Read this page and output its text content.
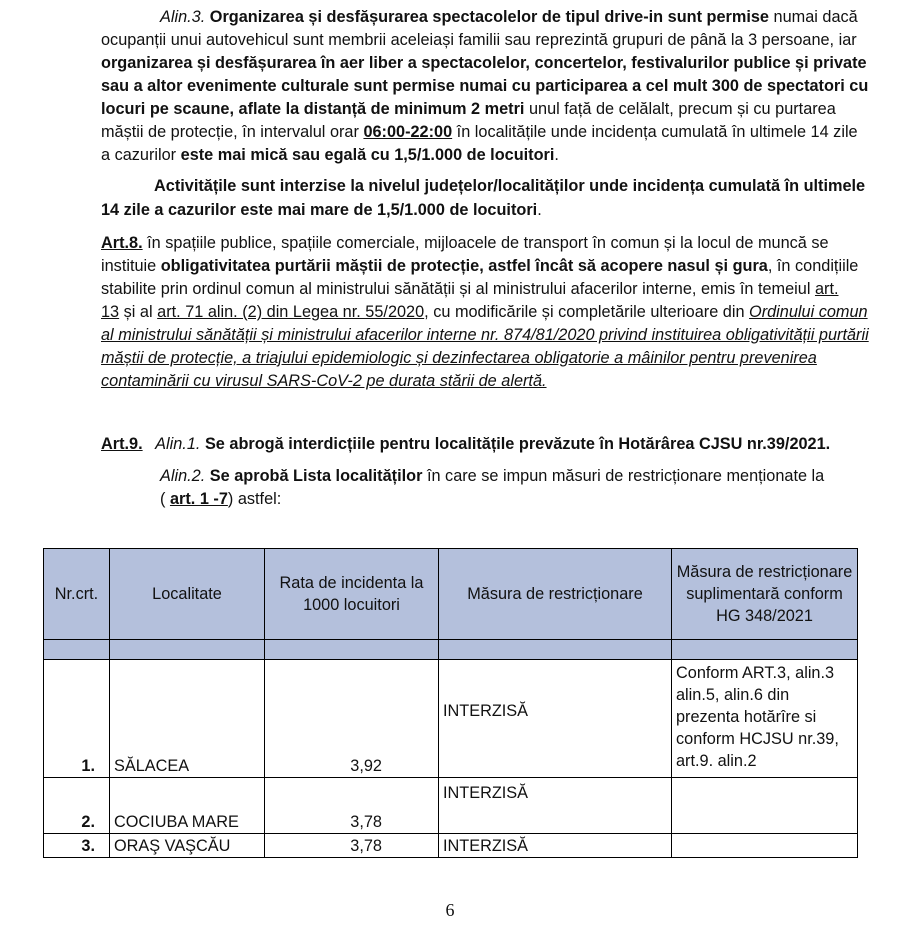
Alin.3. Organizarea și desfășurarea spectacolelor de tipul drive-in sunt permise numai dacă
ocupanții unui autovehicul sunt membrii aceleiași familii sau reprezintă grupuri de până la 3 persoane, iar
organizarea și desfășurarea în aer liber a spectacolelor, concertelor, festivalurilor publice și private
sau a altor evenimente culturale sunt permise numai cu participarea a cel mult 300 de spectatori cu
locuri pe scaune, aflate la distanță de minimum 2 metri unul față de celălalt, precum și cu purtarea
măștii de protecție, în intervalul orar 06:00-22:00 în localitățile unde incidența cumulată în ultimele 14 zile
a cazurilor este mai mică sau egală cu 1,5/1.000 de locuitori.
Activitățile sunt interzise la nivelul județelor/localităților unde incidența cumulată în ultimele
14 zile a cazurilor este mai mare de 1,5/1.000 de locuitori.
Art.8. în spațiile publice, spațiile comerciale, mijloacele de transport în comun și la locul de muncă se
instituie obligativitatea purtării măștii de protecție, astfel încât să acopere nasul și gura, în condițiile
stabilite prin ordinul comun al ministrului sănătății și al ministrului afacerilor interne, emis în temeiul art.
13 și al art. 71 alin. (2) din Legea nr. 55/2020, cu modificările și completările ulterioare din Ordinului comun
al ministrului sănătății și ministrului afacerilor interne nr. 874/81/2020 privind instituirea obligativității purtării
măștii de protecție, a triajului epidemiologic și dezinfectarea obligatorie a mâinilor pentru prevenirea
contaminării cu virusul SARS-CoV-2 pe durata stării de alertă.
Art.9. Alin.1. Se abrogă interdicțiile pentru localitățile prevăzute în Hotărârea CJSU nr.39/2021.
Alin.2. Se aprobă Lista localităților în care se impun măsuri de restricționare menționate la
( art. 1 -7) astfel:
Nr.crt.	Localitate	Rata de incidenta la 1000 locuitori	Măsura de restricționare	Măsura de restricționare suplimentară conform HG 348/2021

1.	SĂLACEA	3,92	INTERZISĂ	Conform ART.3, alin.3 alin.5, alin.6 din prezenta hotărîre si conform HCJSU nr.39, art.9. alin.2
2.	COCIUBA MARE	3,78	INTERZISĂ	
3.	ORAŞ VAŞCĂU	3,78	INTERZISĂ	
6
